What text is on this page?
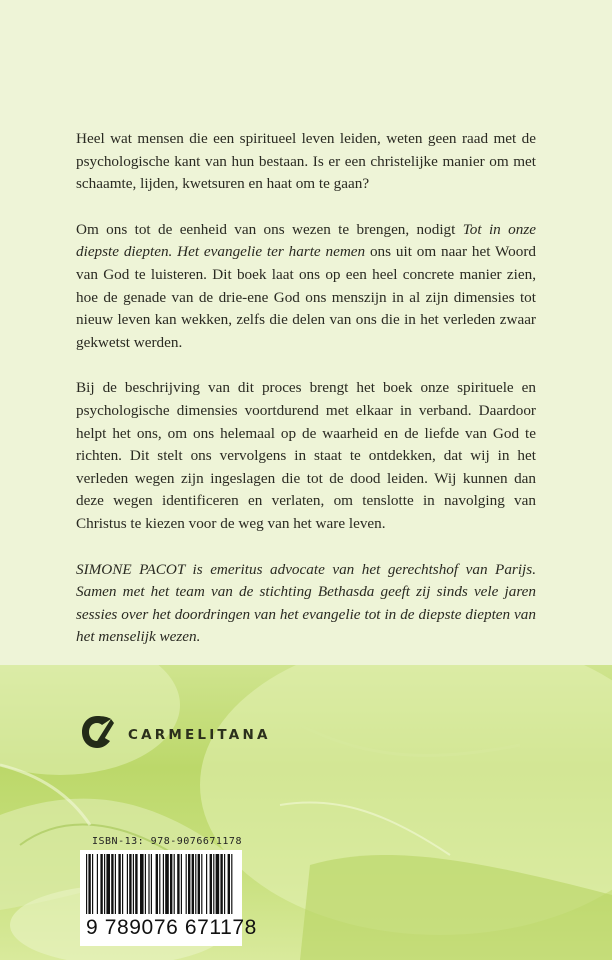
Heel wat mensen die een spiritueel leven leiden, weten geen raad met de psychologische kant van hun bestaan. Is er een christelijke manier om met schaamte, lijden, kwetsuren en haat om te gaan?

Om ons tot de eenheid van ons wezen te brengen, nodigt Tot in onze diepste diepten. Het evangelie ter harte nemen ons uit om naar het Woord van God te luisteren. Dit boek laat ons op een heel concrete manier zien, hoe de genade van de drie-ene God ons menszijn in al zijn dimensies tot nieuw leven kan wekken, zelfs die delen van ons die in het verleden zwaar gekwetst werden.

Bij de beschrijving van dit proces brengt het boek onze spirituele en psychologische dimensies voortdurend met elkaar in verband. Daardoor helpt het ons, om ons helemaal op de waarheid en de liefde van God te richten. Dit stelt ons vervolgens in staat te ontdekken, dat wij in het verleden wegen zijn ingeslagen die tot de dood leiden. Wij kunnen dan deze wegen identificeren en verlaten, om tenslotte in navolging van Christus te kiezen voor de weg van het ware leven.

SIMONE PACOT is emeritus advocate van het gerechtshof van Parijs. Samen met het team van de stichting Bethasda geeft zij sinds vele jaren sessies over het doordringen van het evangelie tot in de diepste diepten van het menselijk wezen.

CARMELITANA
ISBN-13: 978-9076671178
9 789076 671178
